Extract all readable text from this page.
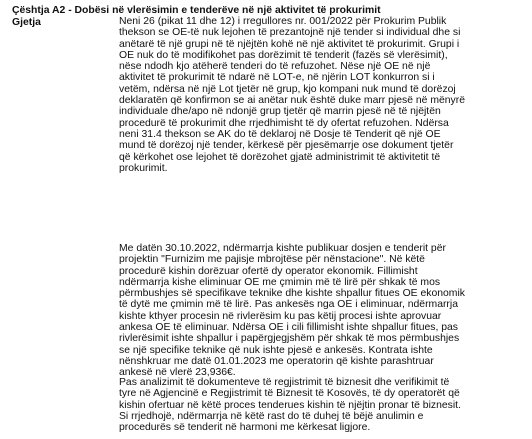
Çështja A2 - Dobësi në vlerësimin e tenderëve në një aktivitet të prokurimit
Gjetja	Neni 26 (pikat 11 dhe 12) i rregullores nr. 001/2022 për Prokurim Publik
thekson se OE-të nuk lejohen të prezantojnë një tender si individual dhe si
anëtarë të një grupi në të njëjtën kohë në një aktivitet të prokurimit. Grupi i
OE nuk do të modifikohet pas dorëzimit të tenderit (fazës së vlerësimit),
nëse ndodh kjo atëherë tenderi do të refuzohet. Nëse një OE në një
aktivitet të prokurimit të ndarë në LOT-e, në njërin LOT konkurron si i
vetëm, ndërsa në një Lot tjetër në grup, kjo kompani nuk mund të dorëzoj
deklaratën që konfirmon se ai anëtar nuk është duke marr pjesë në mënyrë
individuale dhe/apo në ndonjë grup tjetër që marrin pjesë në të njëjtën
procedurë të prokurimit dhe rrjedhimisht të dy ofertat refuzohen. Ndërsa
neni 31.4 thekson se AK do të deklaroj në Dosje të Tenderit që një OE
mund të dorëzoj një tender, kërkesë për pjesëmarrje ose dokument tjetër
që kërkohet ose lejohet të dorëzohet gjatë administrimit të aktivitetit të
prokurimit.
Me datën 30.10.2022, ndërmarrja kishte publikuar dosjen e tenderit për
projektin "Furnizim me pajisje mbrojtëse për nënstacione". Në këtë
procedurë kishin dorëzuar ofertë dy operator ekonomik. Fillimisht
ndërmarrja kishe eliminuar OE me çmimin më të lirë për shkak të mos
përmbushjes së specifikave teknike dhe kishte shpallur fitues OE ekonomik
të dytë me çmimin më të lirë. Pas ankesës nga OE i eliminuar, ndërmarrja
kishte kthyer procesin në rivlerësim ku pas këtij procesi ishte aprovuar
ankesa OE të eliminuar. Ndërsa OE i cili fillimisht ishte shpallur fitues, pas
rivlerësimit ishte shpallur i papërgjegjshëm për shkak të mos përmbushjes
se një specifike teknike që nuk ishte pjesë e ankesës. Kontrata ishte
nënshkruar me datë 01.01.2023 me operatorin që kishte parashtruar
ankesë në vlerë 23,936€.
Pas analizimit të dokumenteve të regjistrimit të biznesit dhe verifikimit të
tyre në Agjencinë e Regjistrimit të Biznesit të Kosovës, të dy operatorët që
kishin ofertuar në këtë proces tenderues kishin të njëjtin pronar të biznesit.
Si rrjedhojë, ndërmarrja në këtë rast do të duhej të bëjë anulimin e
procedurës së tenderit në harmoni me kërkesat ligjore.
